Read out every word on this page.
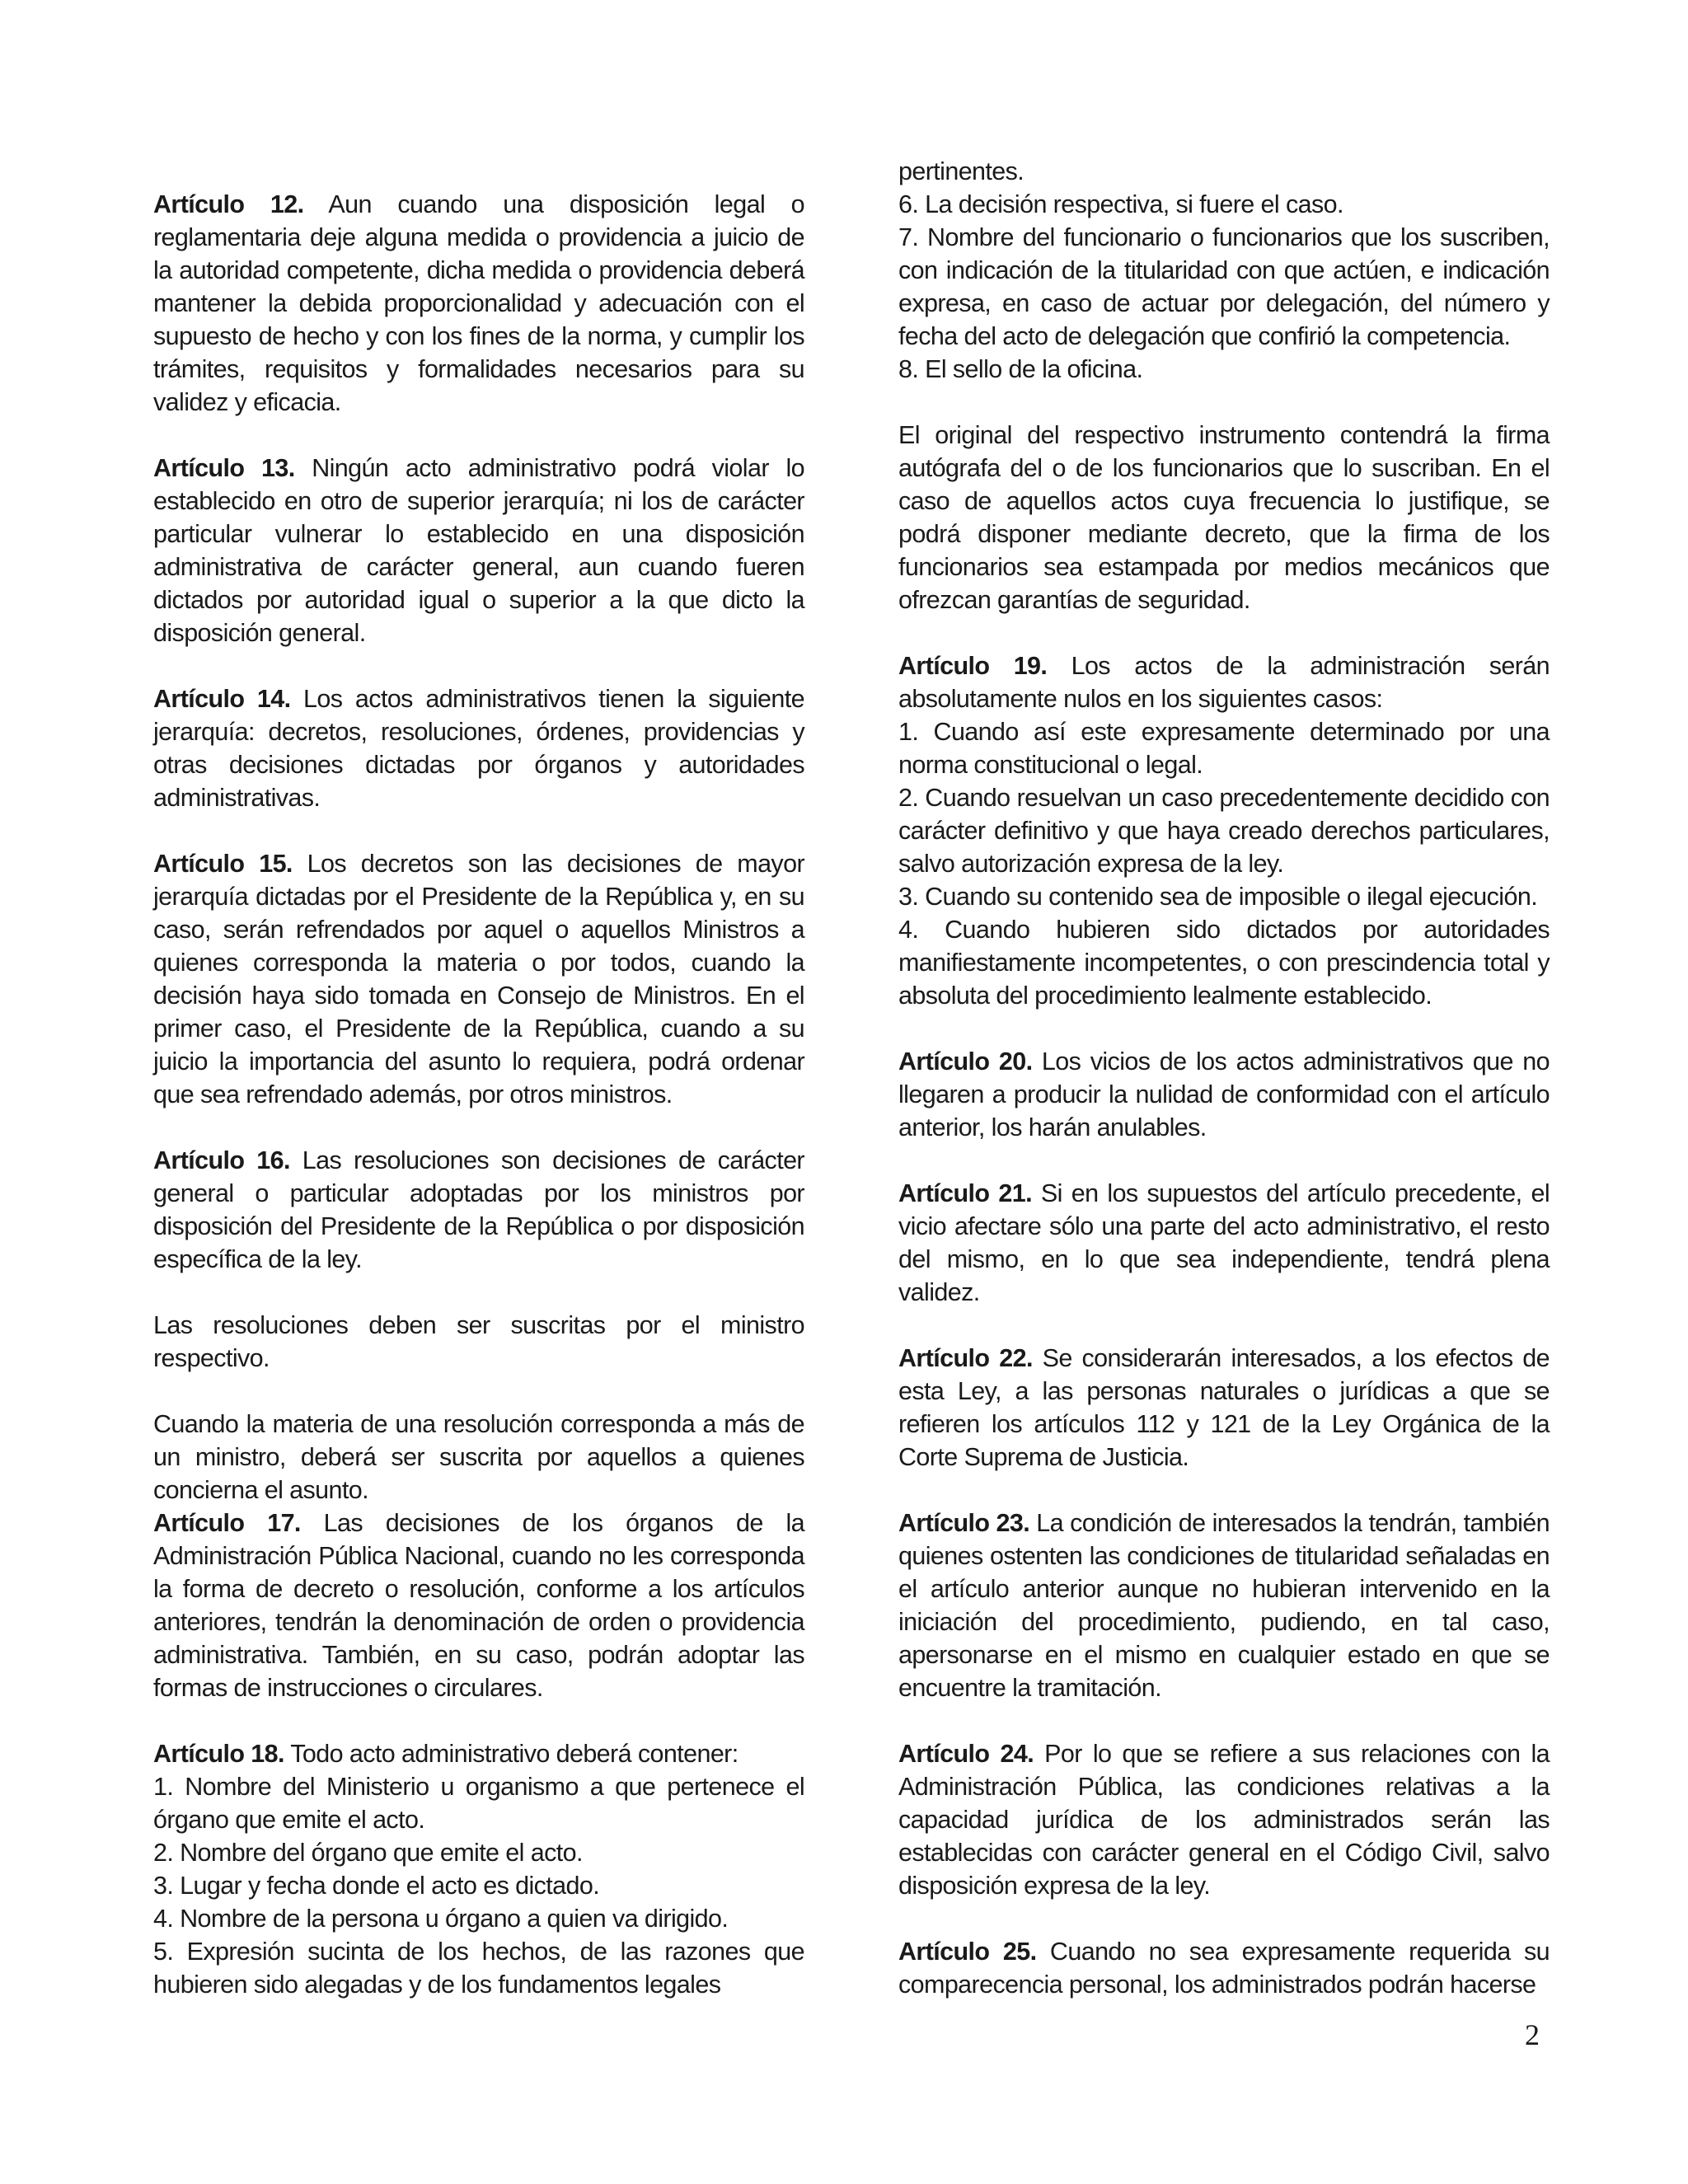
Artículo 12. Aun cuando una disposición legal o reglamentaria deje alguna medida o providencia a juicio de la autoridad competente, dicha medida o providencia deberá mantener la debida proporcionalidad y adecuación con el supuesto de hecho y con los fines de la norma, y cumplir los trámites, requisitos y formalidades necesarios para su validez y eficacia.

Artículo 13. Ningún acto administrativo podrá violar lo establecido en otro de superior jerarquía; ni los de carácter particular vulnerar lo establecido en una disposición administrativa de carácter general, aun cuando fueren dictados por autoridad igual o superior a la que dicto la disposición general.

Artículo 14. Los actos administrativos tienen la siguiente jerarquía: decretos, resoluciones, órdenes, providencias y otras decisiones dictadas por órganos y autoridades administrativas.

Artículo 15. Los decretos son las decisiones de mayor jerarquía dictadas por el Presidente de la República y, en su caso, serán refrendados por aquel o aquellos Ministros a quienes corresponda la materia o por todos, cuando la decisión haya sido tomada en Consejo de Ministros. En el primer caso, el Presidente de la República, cuando a su juicio la importancia del asunto lo requiera, podrá ordenar que sea refrendado además, por otros ministros.

Artículo 16. Las resoluciones son decisiones de carácter general o particular adoptadas por los ministros por disposición del Presidente de la República o por disposición específica de la ley.

Las resoluciones deben ser suscritas por el ministro respectivo.

Cuando la materia de una resolución corresponda a más de un ministro, deberá ser suscrita por aquellos a quienes concierna el asunto.

Artículo 17. Las decisiones de los órganos de la Administración Pública Nacional, cuando no les corresponda la forma de decreto o resolución, conforme a los artículos anteriores, tendrán la denominación de orden o providencia administrativa. También, en su caso, podrán adoptar las formas de instrucciones o circulares.

Artículo 18. Todo acto administrativo deberá contener:

1. Nombre del Ministerio u organismo a que pertenece el órgano que emite el acto.
2. Nombre del órgano que emite el acto.
3. Lugar y fecha donde el acto es dictado.
4. Nombre de la persona u órgano a quien va dirigido.
5. Expresión sucinta de los hechos, de las razones que hubieren sido alegadas y de los fundamentos legales
pertinentes.
6. La decisión respectiva, si fuere el caso.
7. Nombre del funcionario o funcionarios que los suscriben, con indicación de la titularidad con que actúen, e indicación expresa, en caso de actuar por delegación, del número y fecha del acto de delegación que confirió la competencia.
8. El sello de la oficina.

El original del respectivo instrumento contendrá la firma autógrafa del o de los funcionarios que lo suscriban. En el caso de aquellos actos cuya frecuencia lo justifique, se podrá disponer mediante decreto, que la firma de los funcionarios sea estampada por medios mecánicos que ofrezcan garantías de seguridad.

Artículo 19. Los actos de la administración serán absolutamente nulos en los siguientes casos:

1. Cuando así este expresamente determinado por una norma constitucional o legal.
2. Cuando resuelvan un caso precedentemente decidido con carácter definitivo y que haya creado derechos particulares, salvo autorización expresa de la ley.
3. Cuando su contenido sea de imposible o ilegal ejecución.
4. Cuando hubieren sido dictados por autoridades manifiestamente incompetentes, o con prescindencia total y absoluta del procedimiento lealmente establecido.

Artículo 20. Los vicios de los actos administrativos que no llegaren a producir la nulidad de conformidad con el artículo anterior, los harán anulables.

Artículo 21. Si en los supuestos del artículo precedente, el vicio afectare sólo una parte del acto administrativo, el resto del mismo, en lo que sea independiente, tendrá plena validez.

Artículo 22. Se considerarán interesados, a los efectos de esta Ley, a las personas naturales o jurídicas a que se refieren los artículos 112 y 121 de la Ley Orgánica de la Corte Suprema de Justicia.

Artículo 23. La condición de interesados la tendrán, también quienes ostenten las condiciones de titularidad señaladas en el artículo anterior aunque no hubieran intervenido en la iniciación del procedimiento, pudiendo, en tal caso, apersonarse en el mismo en cualquier estado en que se encuentre la tramitación.

Artículo 24. Por lo que se refiere a sus relaciones con la Administración Pública, las condiciones relativas a la capacidad jurídica de los administrados serán las establecidas con carácter general en el Código Civil, salvo disposición expresa de la ley.

Artículo 25. Cuando no sea expresamente requerida su comparecencia personal, los administrados podrán hacerse

2
